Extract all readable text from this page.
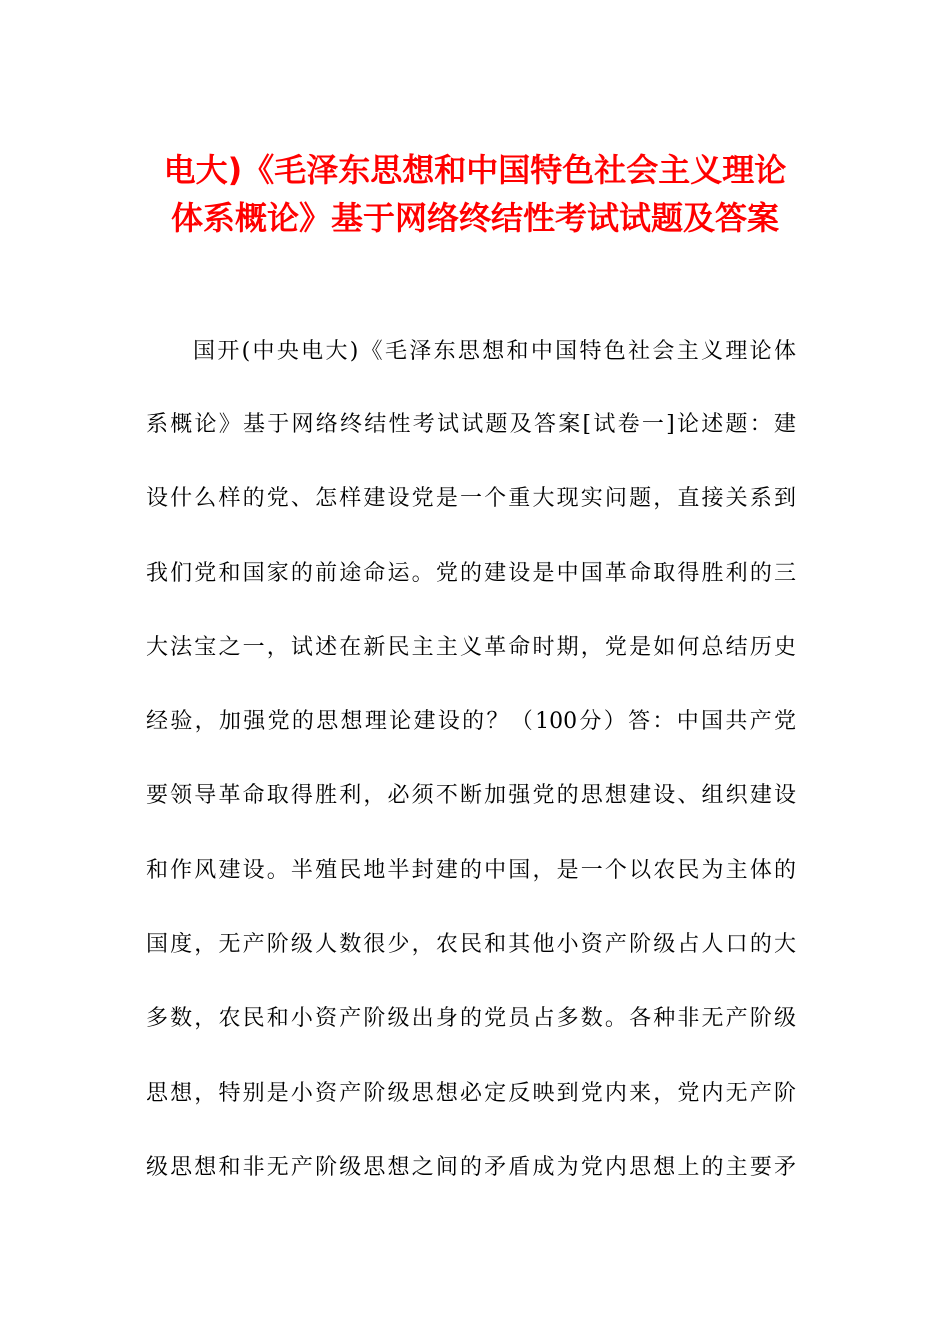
电大)《毛泽东思想和中国特色社会主义理论
体系概论》基于网络终结性考试试题及答案
国开(中央电大)《毛泽东思想和中国特色社会主义理论体
系概论》基于网络终结性考试试题及答案[试卷一]论述题：建
设什么样的党、怎样建设党是一个重大现实问题，直接关系到
我们党和国家的前途命运。党的建设是中国革命取得胜利的三
大法宝之一，试述在新民主主义革命时期，党是如何总结历史
经验，加强党的思想理论建设的？（100分）答：中国共产党
要领导革命取得胜利，必须不断加强党的思想建设、组织建设
和作风建设。半殖民地半封建的中国，是一个以农民为主体的
国度，无产阶级人数很少，农民和其他小资产阶级占人口的大
多数，农民和小资产阶级出身的党员占多数。各种非无产阶级
思想，特别是小资产阶级思想必定反映到党内来，党内无产阶
级思想和非无产阶级思想之间的矛盾成为党内思想上的主要矛
